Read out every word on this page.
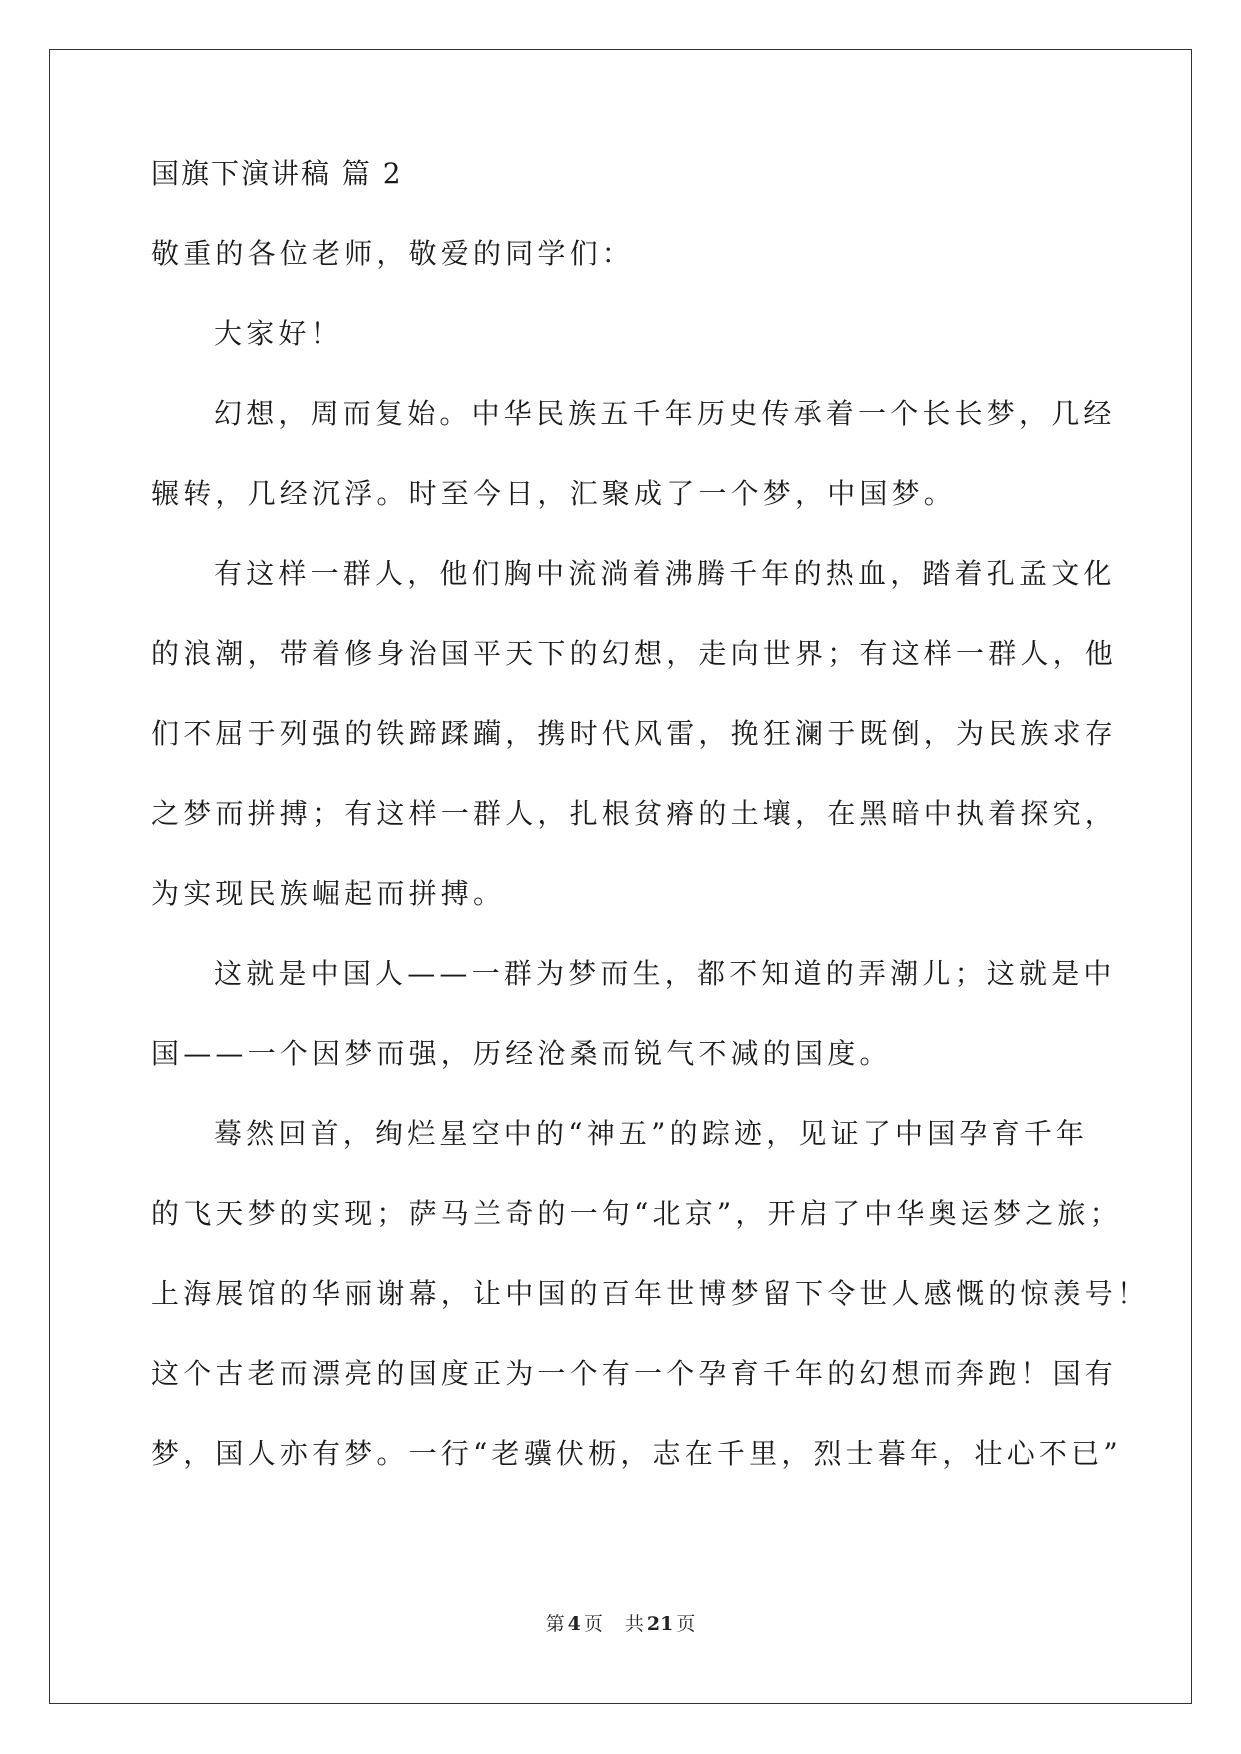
国旗下演讲稿 篇 2

敬重的各位老师，敬爱的同学们：

大家好！

幻想，周而复始。中华民族五千年历史传承着一个长长梦，几经

辗转，几经沉浮。时至今日，汇聚成了一个梦，中国梦。

有这样一群人，他们胸中流淌着沸腾千年的热血，踏着孔孟文化

的浪潮，带着修身治国平天下的幻想，走向世界；有这样一群人，他

们不屈于列强的铁蹄蹂躏，携时代风雷，挽狂澜于既倒，为民族求存

之梦而拼搏；有这样一群人，扎根贫瘠的土壤，在黑暗中执着探究，

为实现民族崛起而拼搏。

这就是中国人——一群为梦而生，都不知道的弄潮儿；这就是中

国——一个因梦而强，历经沧桑而锐气不减的国度。

蓦然回首，绚烂星空中的“神五”的踪迹，见证了中国孕育千年

的飞天梦的实现；萨马兰奇的一句“北京”，开启了中华奥运梦之旅；

上海展馆的华丽谢幕，让中国的百年世博梦留下令世人感慨的惊羡号！

这个古老而漂亮的国度正为一个有一个孕育千年的幻想而奔跑！国有

梦，国人亦有梦。一行“老骥伏枥，志在千里，烈士暮年，壮心不已”

第 4 页 共 21 页
